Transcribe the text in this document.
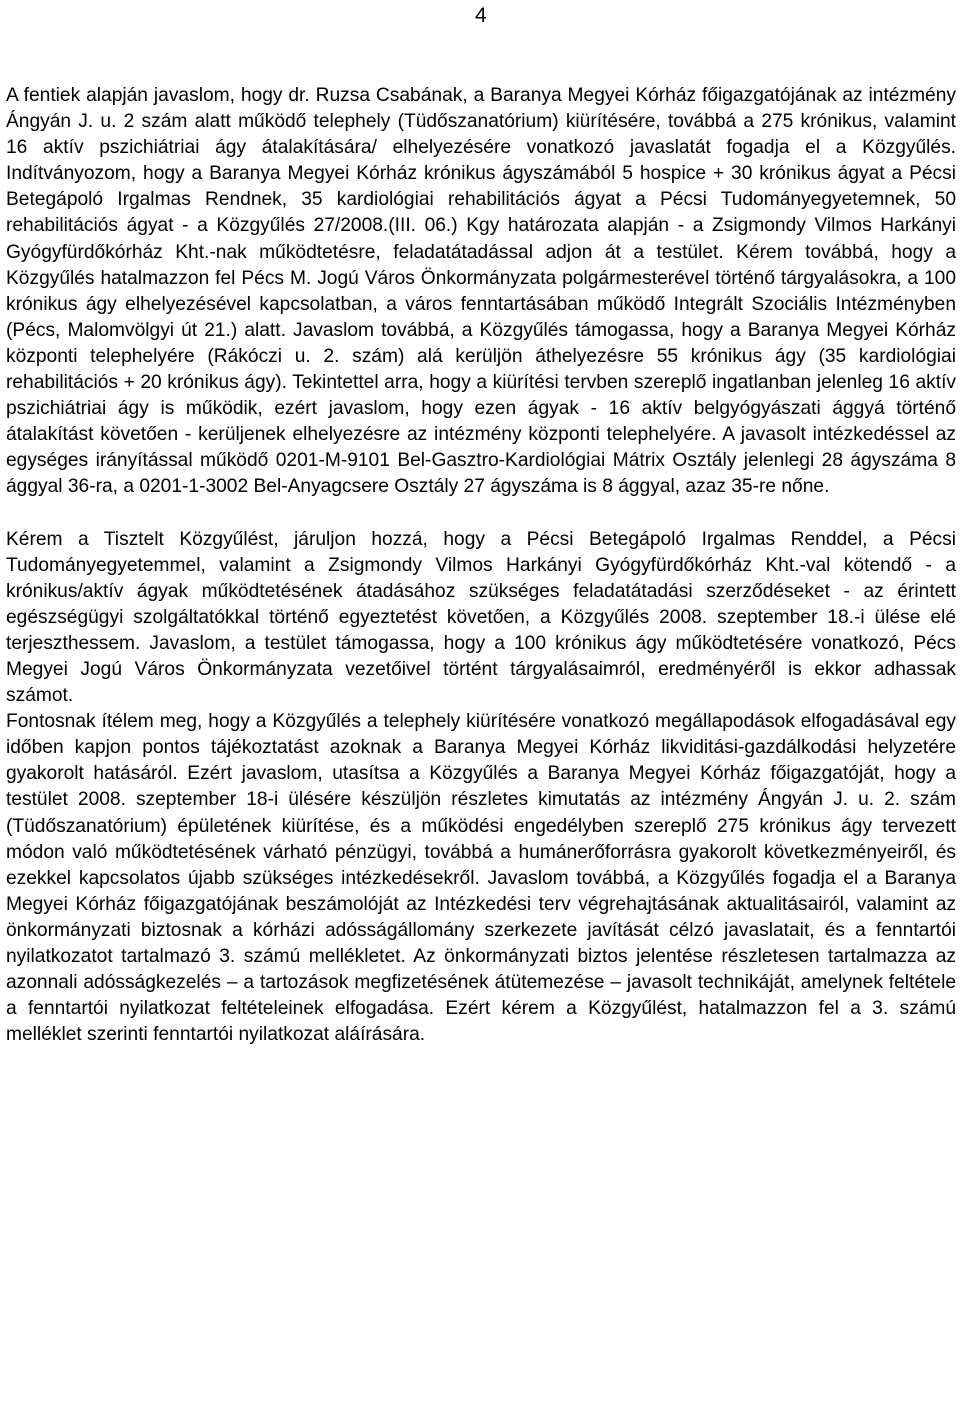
4

A fentiek alapján javaslom, hogy dr. Ruzsa Csabának, a Baranya Megyei Kórház főigazgatójának az intézmény Ángyán J. u. 2 szám alatt működő telephely (Tüdőszanatórium) kiürítésére, továbbá a 275 krónikus, valamint 16 aktív pszichiátriai ágy átalakítására/ elhelyezésére vonatkozó javaslatát fogadja el a Közgyűlés. Indítványozom, hogy a Baranya Megyei Kórház krónikus ágyszámából 5 hospice + 30 krónikus ágyat a Pécsi Betegápoló Irgalmas Rendnek, 35 kardiológiai rehabilitációs ágyat a Pécsi Tudományegyetemnek, 50 rehabilitációs ágyat - a Közgyűlés 27/2008.(III. 06.) Kgy határozata alapján - a Zsigmondy Vilmos Harkányi Gyógyfürdőkórház Kht.-nak működtetésre, feladatátadással adjon át a testület. Kérem továbbá, hogy a Közgyűlés hatalmazzon fel Pécs M. Jogú Város Önkormányzata polgármesterével történő tárgyalásokra, a 100 krónikus ágy elhelyezésével kapcsolatban, a város fenntartásában működő Integrált Szociális Intézményben (Pécs, Malomvölgyi út 21.) alatt. Javaslom továbbá, a Közgyűlés támogassa, hogy a Baranya Megyei Kórház központi telephelyére (Rákóczi u. 2. szám) alá kerüljön áthelyezésre 55 krónikus ágy (35 kardiológiai rehabilitációs + 20 krónikus ágy). Tekintettel arra, hogy a kiürítési tervben szereplő ingatlanban jelenleg 16 aktív pszichiátriai ágy is működik, ezért javaslom, hogy ezen ágyak - 16 aktív belgyógyászati ággyá történő átalakítást követően - kerüljenek elhelyezésre az intézmény központi telephelyére. A javasolt intézkedéssel az egységes irányítással működő 0201-M-9101 Bel-Gasztro-Kardiológiai Mátrix Osztály jelenlegi 28 ágyszáma 8 ággyal 36-ra, a 0201-1-3002 Bel-Anyagcsere Osztály 27 ágyszáma is 8 ággyal, azaz 35-re nőne.

Kérem a Tisztelt Közgyűlést, járuljon hozzá, hogy a Pécsi Betegápoló Irgalmas Renddel, a Pécsi Tudományegyetemmel, valamint a Zsigmondy Vilmos Harkányi Gyógyfürdőkórház Kht.-val kötendő - a krónikus/aktív ágyak működtetésének átadásához szükséges feladatátadási szerződéseket - az érintett egészségügyi szolgáltatókkal történő egyeztetést követően, a Közgyűlés 2008. szeptember 18.-i ülése elé terjeszthessem. Javaslom, a testület támogassa, hogy a 100 krónikus ágy működtetésére vonatkozó, Pécs Megyei Jogú Város Önkormányzata vezetőivel történt tárgyalásaimról, eredményéről is ekkor adhassak számot.

Fontosnak ítélem meg, hogy a Közgyűlés a telephely kiürítésére vonatkozó megállapodások elfogadásával egy időben kapjon pontos tájékoztatást azoknak a Baranya Megyei Kórház likviditási-gazdálkodási helyzetére gyakorolt hatásáról. Ezért javaslom, utasítsa a Közgyűlés a Baranya Megyei Kórház főigazgatóját, hogy a testület 2008. szeptember 18-i ülésére készüljön részletes kimutatás az intézmény Ángyán J. u. 2. szám (Tüdőszanatórium) épületének kiürítése, és a működési engedélyben szereplő 275 krónikus ágy tervezett módon való működtetésének várható pénzügyi, továbbá a humánerőforrásra gyakorolt következményeiről, és ezekkel kapcsolatos újabb szükséges intézkedésekről. Javaslom továbbá, a Közgyűlés fogadja el a Baranya Megyei Kórház főigazgatójának beszámolóját az Intézkedési terv végrehajtásának aktualitásairól, valamint az önkormányzati biztosnak a kórházi adósságállomány szerkezete javítását célzó javaslatait, és a fenntartói nyilatkozatot tartalmazó 3. számú mellékletet. Az önkormányzati biztos jelentése részletesen tartalmazza az azonnali adósságkezelés – a tartozások megfizetésének átütemezése – javasolt technikáját, amelynek feltétele a fenntartói nyilatkozat feltételeinek elfogadása. Ezért kérem a Közgyűlést, hatalmazzon fel a 3. számú melléklet szerinti fenntartói nyilatkozat aláírására.
